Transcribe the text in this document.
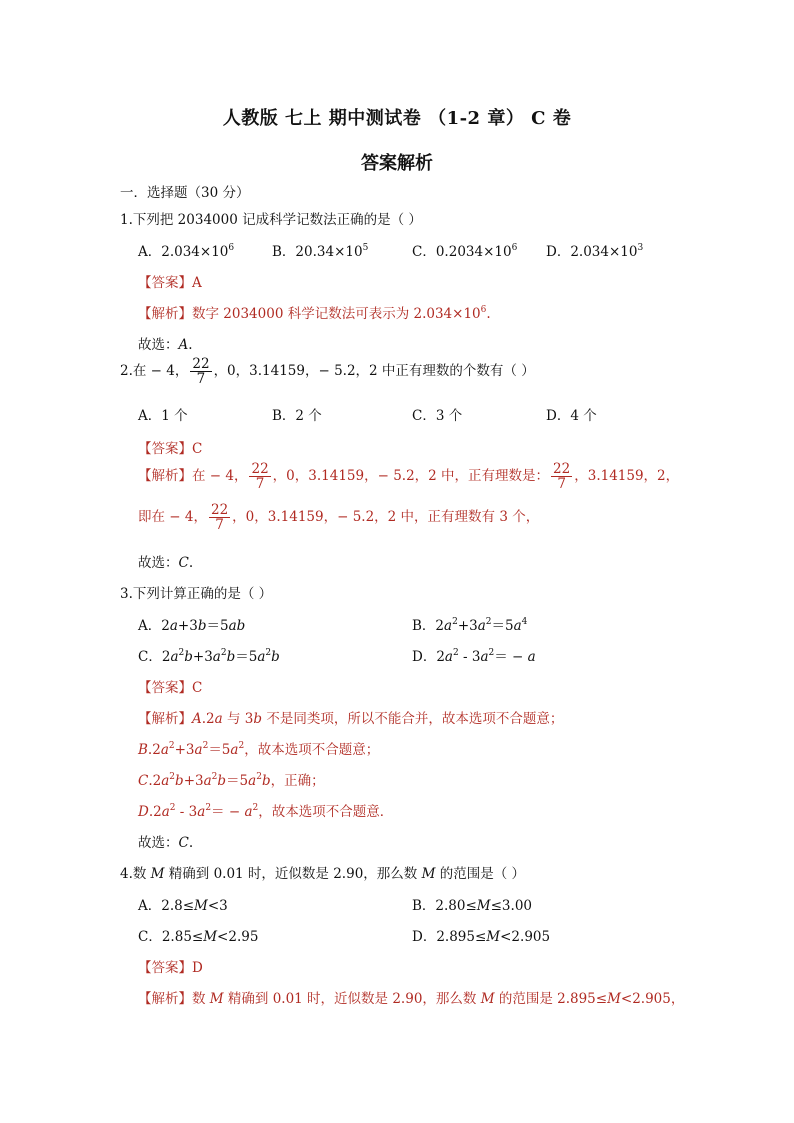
人教版 七上 期中测试卷 （1-2 章） C 卷
答案解析
一．选择题（30 分）
1.下列把 2034000 记成科学记数法正确的是（ ）
A．$2.034\times 10^6$	B．$20.34\times 10^5$	C．$0.2034\times 10^6$ D．$2.034\times 10^3$
【答案】A
【解析】数字 2034000 科学记数法可表示为 $2.034\times 10^6$.
故选：A.
2.在 − 4， $\frac{22}{7}$ ，0，3.14159，− 5.2，2 中正有理数的个数有（ ）
A．1 个	B．2 个	C．3 个	D．4 个
【答案】C
【解析】在 − 4， $\frac{22}{7}$ ，0，3.14159，− 5.2，2 中，正有理数是： $\frac{22}{7}$ ，3.14159，2，
即在 − 4， $\frac{22}{7}$ ，0，3.14159，− 5.2，2 中，正有理数有 3 个，
故选：C.
3.下列计算正确的是（ ）
A．2a+3b＝5ab	B．$2a^2+3a^2=5a^4$
C．$2a^2b+3a^2b=5a^2b$	D．$2a^2 - 3a^2= - a$
【答案】C
【解析】A.2a 与 3b 不是同类项，所以不能合并，故本选项不合题意；
$B.2a^2+3a^2=5a^2$，故本选项不合题意；
$C.2a^2b+3a^2b=5a^2b$，正确；
$D.2a^2 - 3a^2= - a^2$，故本选项不合题意．
故选：C.
4.数 M 精确到 0.01 时，近似数是 2.90，那么数 M 的范围是（ ）
A．2.8≤M<3	B．2.80≤M≤3.00
C．2.85≤M<2.95	D．2.895≤M<2.905
【答案】D
【解析】数 M 精确到 0.01 时，近似数是 2.90，那么数 M 的范围是 2.895≤M<2.905，
